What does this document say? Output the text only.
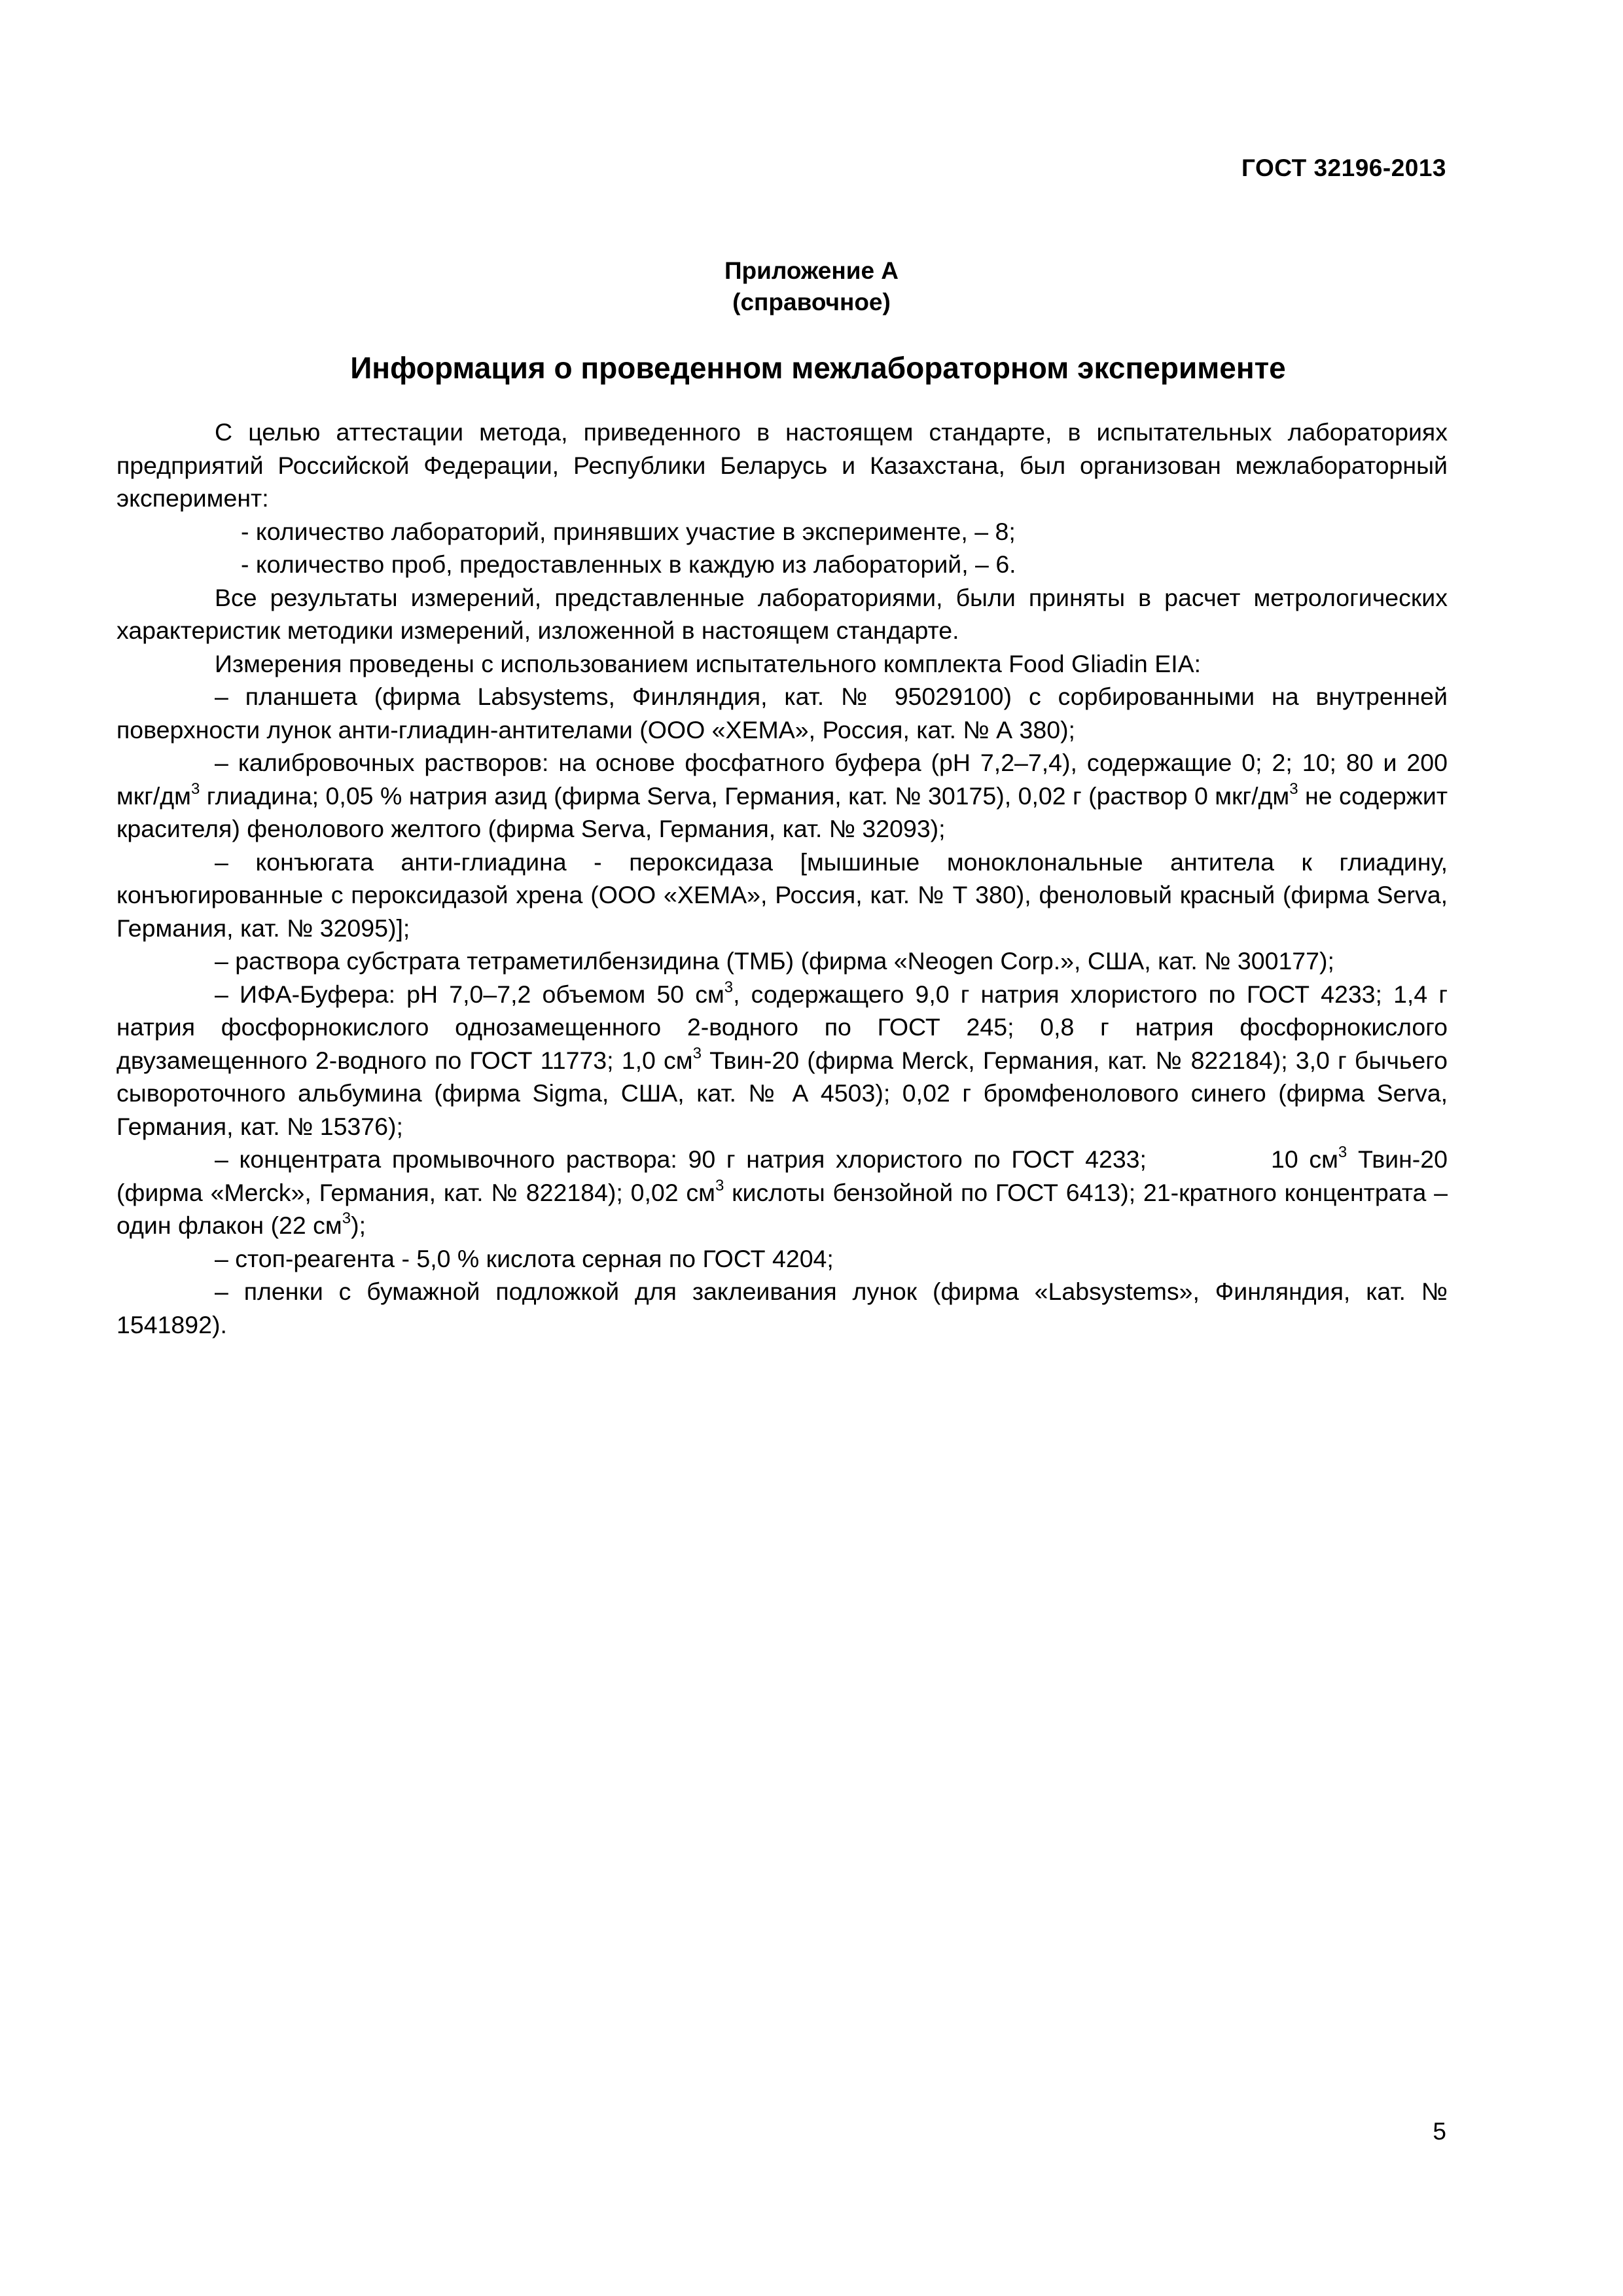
ГОСТ 32196-2013
Приложение А
(справочное)
Информация о проведенном межлабораторном эксперименте

С целью аттестации метода, приведенного в настоящем стандарте, в испытательных лабораториях предприятий Российской Федерации, Республики Беларусь и Казахстана, был организован межлабораторный эксперимент:

- количество лабораторий, принявших участие в эксперименте, – 8;

- количество проб, предоставленных в каждую из лабораторий, – 6.

Все результаты измерений, представленные лабораториями, были приняты в расчет метрологических характеристик методики измерений, изложенной в настоящем стандарте.

Измерения проведены с использованием испытательного комплекта Food Gliadin EIA:

– планшета (фирма Labsystems, Финляндия, кат. № 95029100) с сорбированными на внутренней поверхности лунок анти-глиадин-антителами (ООО «ХЕМА», Россия, кат. № А 380);

– калибровочных растворов: на основе фосфатного буфера (рН 7,2–7,4), содержащие 0; 2; 10; 80 и 200 мкг/$дм^3$ глиадина; 0,05 % натрия азид (фирма Serva, Германия, кат. № 30175), 0,02 г (раствор 0 мкг/$дм^3$ не содержит красителя) фенолового желтого (фирма Serva, Германия, кат. № 32093);

– конъюгата анти-глиадина - пероксидаза [мышиные моноклональные антитела к глиадину, конъюгированные с пероксидазой хрена (ООО «ХЕМА», Россия, кат. № Т 380), феноловый красный (фирма Serva, Германия, кат. № 32095)];

– раствора субстрата тетраметилбензидина (ТМБ) (фирма «Neogen Corp.», США, кат. № 300177);

– ИФА-Буфера: рН 7,0–7,2 объемом 50 $см^3$, содержащего 9,0 г натрия хлористого по ГОСТ 4233; 1,4 г натрия фосфорнокислого однозамещенного 2-водного по ГОСТ 245; 0,8 г натрия фосфорнокислого двузамещенного 2-водного по ГОСТ 11773; 1,0 $см^3$ Твин-20 (фирма Merck, Германия, кат. № 822184); 3,0 г бычьего сывороточного альбумина (фирма Sigma, США, кат. № А 4503); 0,02 г бромфенолового синего (фирма Serva, Германия, кат. № 15376);

– концентрата промывочного раствора: 90 г натрия хлористого по ГОСТ 4233;	10 $см^3$ Твин-20 (фирма «Merck», Германия, кат. № 822184); 0,02 $см^3$ кислоты бензойной по ГОСТ 6413); 21-кратного концентрата – один флакон (22 $см^3$);

– стоп-реагента - 5,0 % кислота серная по ГОСТ 4204;

– пленки с бумажной подложкой для заклеивания лунок (фирма «Labsystems», Финляндия, кат. № 1541892).

5
